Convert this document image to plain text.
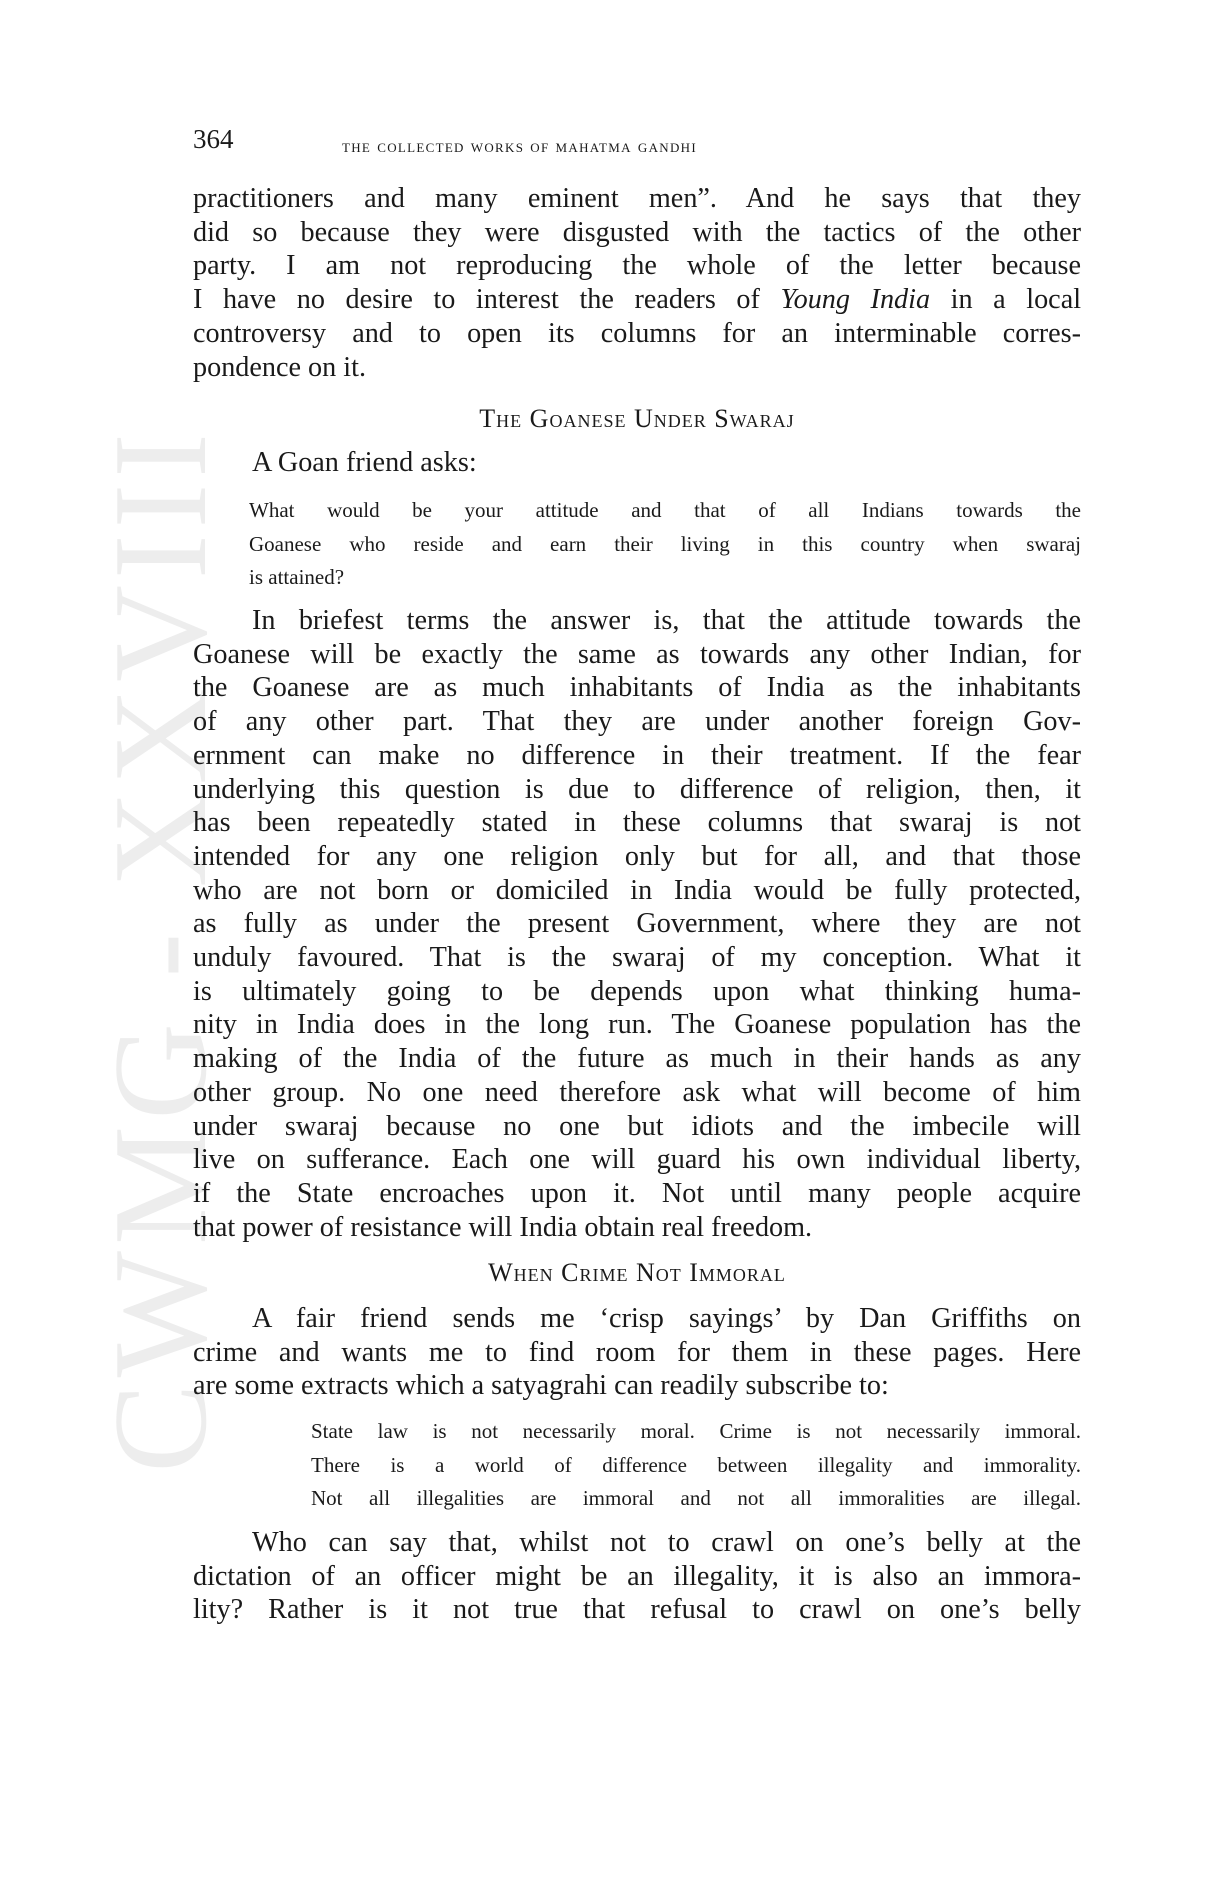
CWMG - XXVIII
364	the collected works of mahatma gandhi
practitioners and many eminent men”. And he says that they
did so because they were disgusted with the tactics of the other
party. I am not reproducing the whole of the letter because
I have no desire to interest the readers of Young India in a local
controversy and to open its columns for an interminable corres-
pondence on it.
The Goanese Under Swaraj
A Goan friend asks:
What would be your attitude and that of all Indians towards the
Goanese who reside and earn their living in this country when swaraj
is attained?
In briefest terms the answer is, that the attitude towards the
Goanese will be exactly the same as towards any other Indian, for
the Goanese are as much inhabitants of India as the inhabitants
of any other part. That they are under another foreign Gov-
ernment can make no difference in their treatment. If the fear
underlying this question is due to difference of religion, then, it
has been repeatedly stated in these columns that swaraj is not
intended for any one religion only but for all, and that those
who are not born or domiciled in India would be fully protected,
as fully as under the present Government, where they are not
unduly favoured. That is the swaraj of my conception. What it
is ultimately going to be depends upon what thinking huma-
nity in India does in the long run. The Goanese population has the
making of the India of the future as much in their hands as any
other group. No one need therefore ask what will become of him
under swaraj because no one but idiots and the imbecile will
live on sufferance. Each one will guard his own individual liberty,
if the State encroaches upon it. Not until many people acquire
that power of resistance will India obtain real freedom.
When Crime Not Immoral
A fair friend sends me ‘crisp sayings’ by Dan Griffiths on
crime and wants me to find room for them in these pages. Here
are some extracts which a satyagrahi can readily subscribe to:
State law is not necessarily moral. Crime is not necessarily immoral.
There is a world of difference between illegality and immorality.
Not all illegalities are immoral and not all immoralities are illegal.
Who can say that, whilst not to crawl on one’s belly at the
dictation of an officer might be an illegality, it is also an immora-
lity? Rather is it not true that refusal to crawl on one’s belly
